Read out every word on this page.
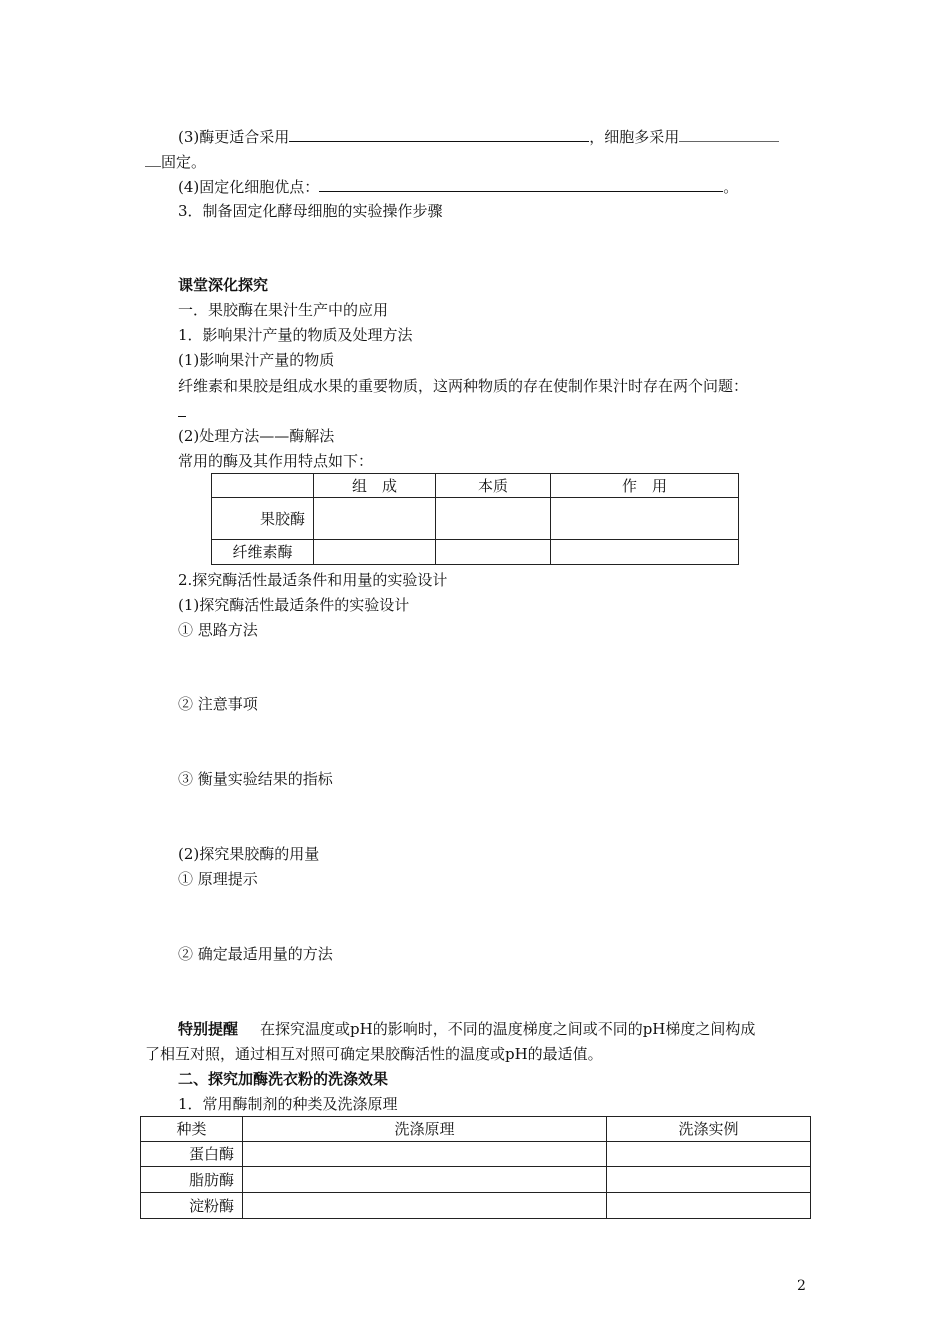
(3)酶更适合采用	，细胞多采用
固定。
(4)固定化细胞优点：	。
3．制备固定化酵母细胞的实验操作步骤
课堂深化探究
一．果胶酶在果汁生产中的应用
1．影响果汁产量的物质及处理方法
(1)影响果汁产量的物质
纤维素和果胶是组成水果的重要物质，这两种物质的存在使制作果汁时存在两个问题：
(2)处理方法——酶解法
常用的酶及其作用特点如下：
	组　成	本质	作　用
果胶酶			
纤维素酶			
2.探究酶活性最适条件和用量的实验设计
(1)探究酶活性最适条件的实验设计
① 思路方法
② 注意事项
③ 衡量实验结果的指标
(2)探究果胶酶的用量
① 原理提示
② 确定最适用量的方法
特别提醒 在探究温度或pH的影响时，不同的温度梯度之间或不同的pH梯度之间构成
了相互对照，通过相互对照可确定果胶酶活性的温度或pH的最适值。
二、探究加酶洗衣粉的洗涤效果
1．常用酶制剂的种类及洗涤原理
种类	洗涤原理	洗涤实例
蛋白酶		
脂肪酶		
淀粉酶		
2
